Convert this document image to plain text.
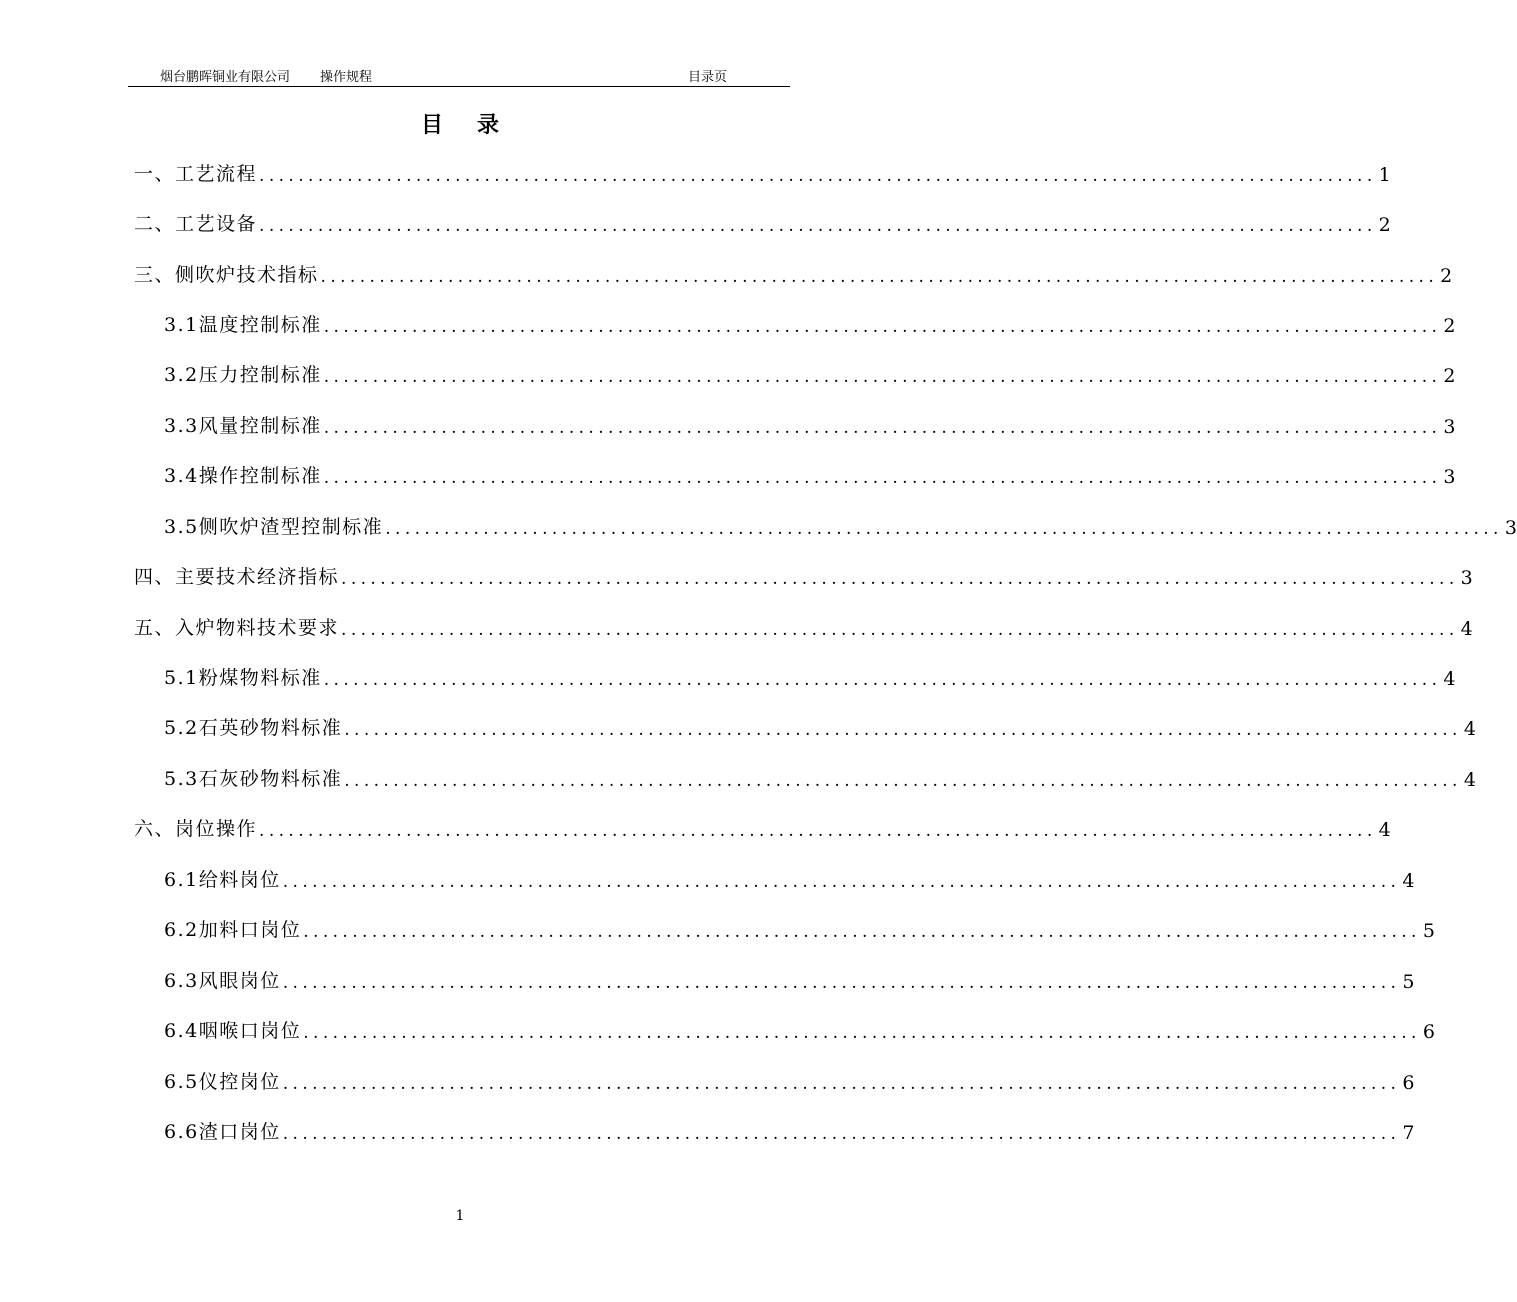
烟台鹏晖铜业有限公司 操作规程	目录页
目录
一、工艺流程 .................................................................................................................. 1
二、工艺设备 .................................................................................................................. 2
三、侧吹炉技术指标 .................................................................................................................. 2
3.1温度控制标准 .................................................................................................................. 2
3.2压力控制标准 .................................................................................................................. 2
3.3风量控制标准 .................................................................................................................. 3
3.4操作控制标准 .................................................................................................................. 3
3.5侧吹炉渣型控制标准 .................................................................................................................. 3
四、主要技术经济指标 .................................................................................................................. 3
五、入炉物料技术要求 .................................................................................................................. 4
5.1粉煤物料标准 .................................................................................................................. 4
5.2石英砂物料标准 .................................................................................................................. 4
5.3石灰砂物料标准 .................................................................................................................. 4
六、岗位操作 .................................................................................................................. 4
6.1给料岗位 .................................................................................................................. 4
6.2加料口岗位 .................................................................................................................. 5
6.3风眼岗位 .................................................................................................................. 5
6.4咽喉口岗位 .................................................................................................................. 6
6.5仪控岗位 .................................................................................................................. 6
6.6渣口岗位 .................................................................................................................. 7
1
